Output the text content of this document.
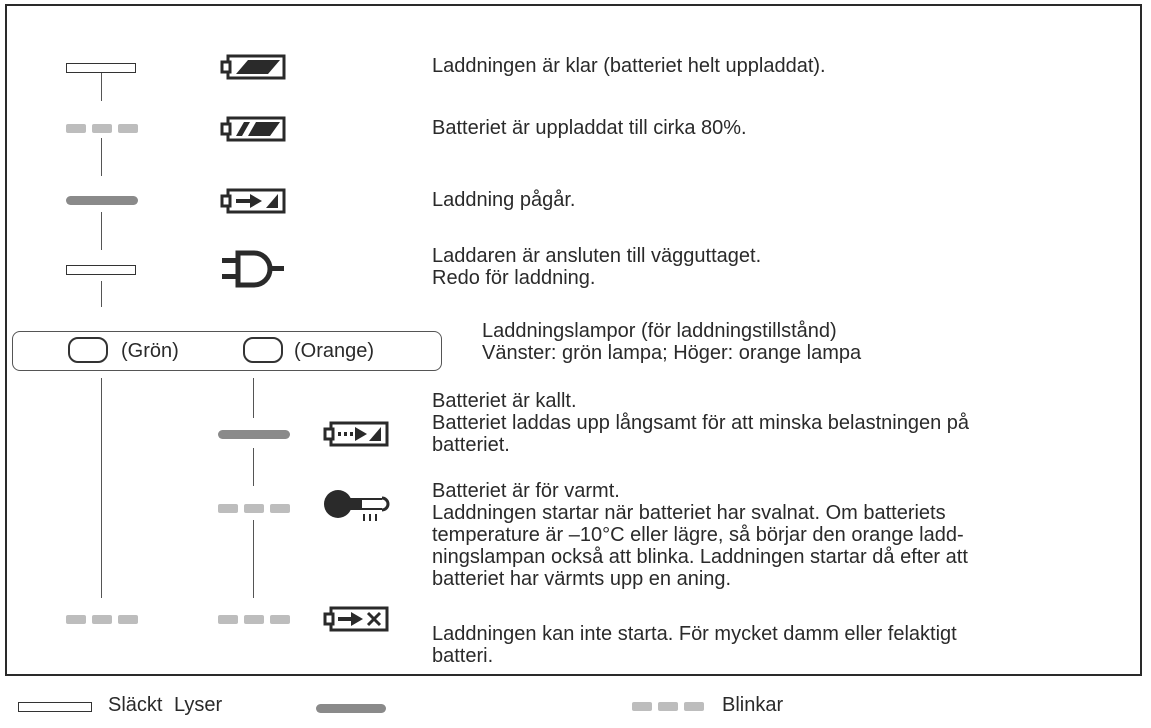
Laddningen är klar (batteriet helt uppladdat).
Batteriet är uppladdat till cirka 80%.
Laddning pågår.
Laddaren är ansluten till vägguttaget.
Redo för laddning.
(Grön)	(Orange)
Laddningslampor (för laddningstillstånd)
Vänster: grön lampa; Höger: orange lampa
Batteriet är kallt.
Batteriet laddas upp långsamt för att minska belastningen på
batteriet.
Batteriet är för varmt.
Laddningen startar när batteriet har svalnat. Om batteriets
temperature är –10°C eller lägre, så börjar den orange ladd-
ningslampan också att blinka. Laddningen startar då efter att
batteriet har värmts upp en aning.
Laddningen kan inte starta. För mycket damm eller felaktigt
batteri.
Släckt Lyser	Blinkar
